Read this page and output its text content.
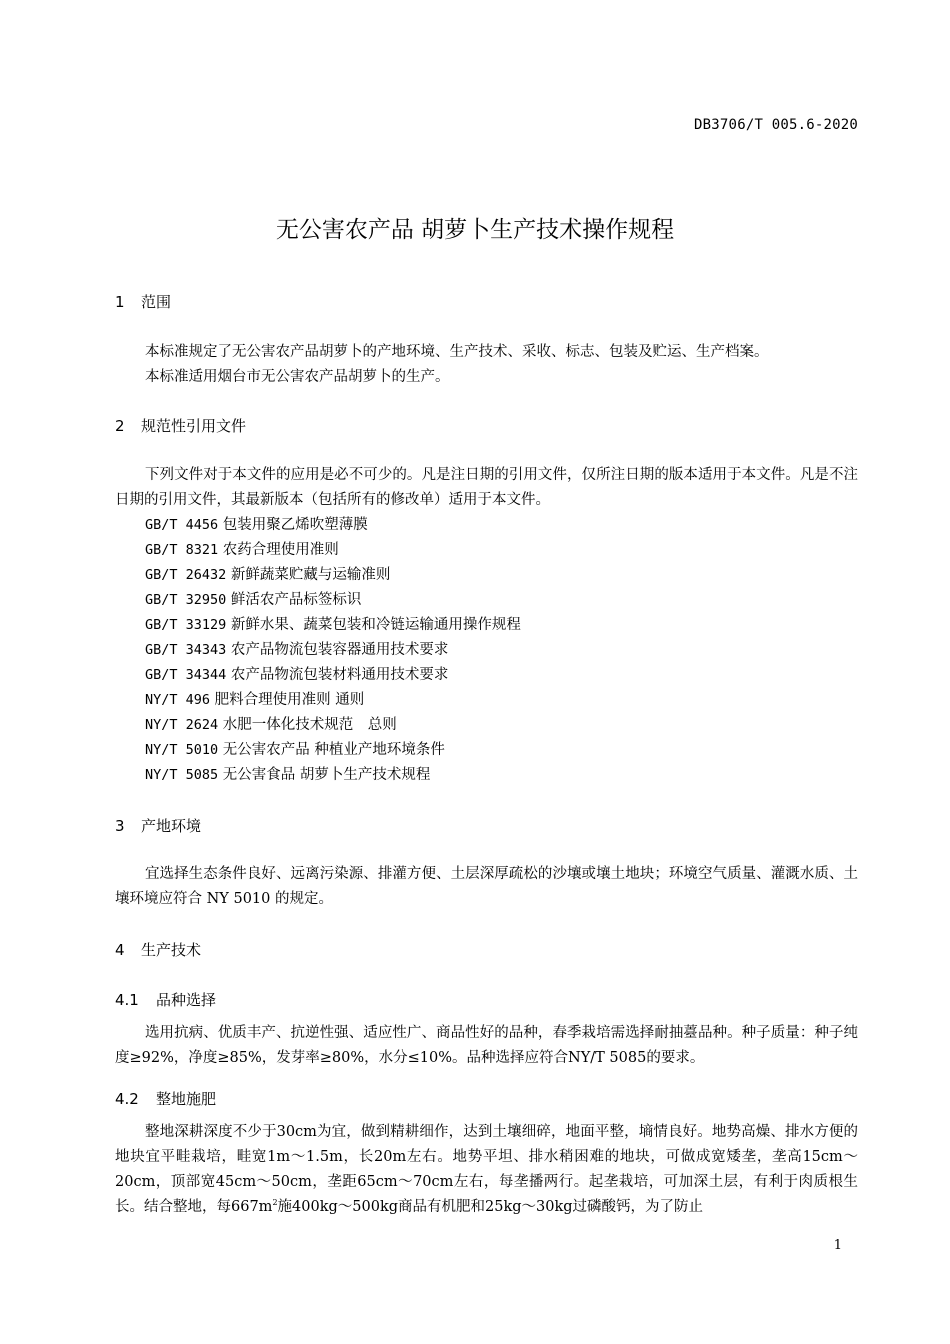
DB3706/T 005.6-2020
无公害农产品 胡萝卜生产技术操作规程
1 范围

本标准规定了无公害农产品胡萝卜的产地环境、生产技术、采收、标志、包装及贮运、生产档案。

本标准适用烟台市无公害农产品胡萝卜的生产。

2 规范性引用文件

下列文件对于本文件的应用是必不可少的。凡是注日期的引用文件，仅所注日期的版本适用于本文件。凡是不注日期的引用文件，其最新版本（包括所有的修改单）适用于本文件。

GB/T 4456 包装用聚乙烯吹塑薄膜
GB/T 8321 农药合理使用准则
GB/T 26432 新鲜蔬菜贮藏与运输准则
GB/T 32950 鲜活农产品标签标识
GB/T 33129 新鲜水果、蔬菜包装和冷链运输通用操作规程
GB/T 34343 农产品物流包装容器通用技术要求
GB/T 34344 农产品物流包装材料通用技术要求
NY/T 496 肥料合理使用准则 通则
NY/T 2624 水肥一体化技术规范　总则
NY/T 5010 无公害农产品 种植业产地环境条件
NY/T 5085 无公害食品 胡萝卜生产技术规程
3 产地环境

宜选择生态条件良好、远离污染源、排灌方便、土层深厚疏松的沙壤或壤土地块；环境空气质量、灌溉水质、土壤环境应符合 NY 5010 的规定。

4 生产技术
4.1 品种选择

选用抗病、优质丰产、抗逆性强、适应性广、商品性好的品种，春季栽培需选择耐抽薹品种。种子质量：种子纯度≥92%，净度≥85%，发芽率≥80%，水分≤10%。品种选择应符合NY/T 5085的要求。

4.2 整地施肥

整地深耕深度不少于30cm为宜，做到精耕细作，达到土壤细碎，地面平整，墒情良好。地势高燥、排水方便的地块宜平畦栽培，畦宽1m～1.5m，长20m左右。地势平坦、排水稍困难的地块，可做成宽矮垄，垄高15cm～20cm，顶部宽45cm～50cm，垄距65cm～70cm左右，每垄播两行。起垄栽培，可加深土层，有利于肉质根生长。结合整地，每$667m^2$施400kg～500kg商品有机肥和25kg～30kg过磷酸钙，为了防止

1
